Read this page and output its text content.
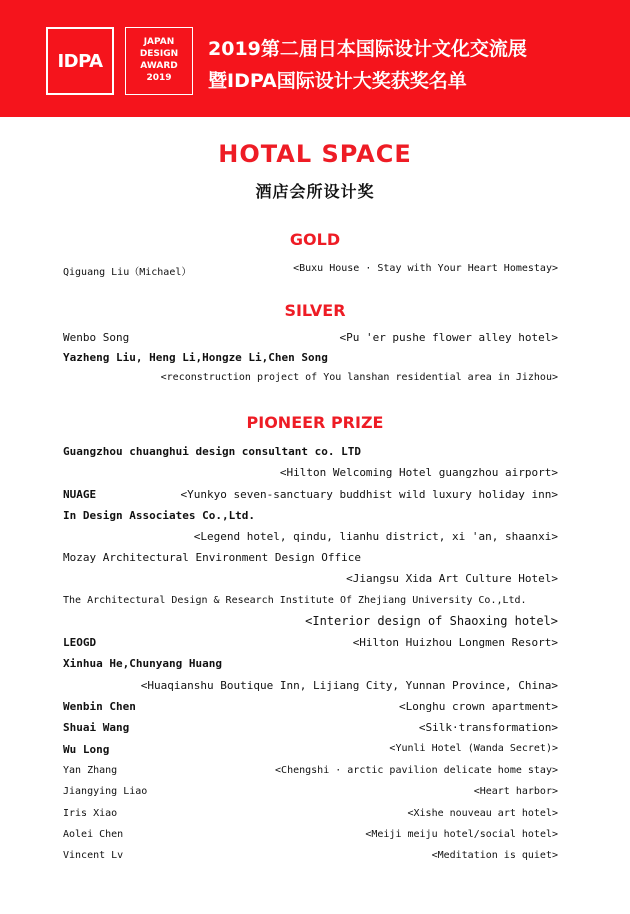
IDPA
JAPAN
DESIGN
AWARD
2019
2019第二届日本国际设计文化交流展
暨IDPA国际设计大奖获奖名单
HOTAL SPACE
酒店会所设计奖
GOLD
Qiguang Liu（Michael）	<Buxu House · Stay with Your Heart Homestay>
SILVER
Wenbo Song	<Pu 'er pushe flower alley hotel>
Yazheng Liu, Heng Li,Hongze Li,Chen Song
<reconstruction project of You lanshan residential area in Jizhou>
PIONEER PRIZE
Guangzhou chuanghui design consultant co. LTD
<Hilton Welcoming Hotel guangzhou airport>
NUAGE	<Yunkyo seven-sanctuary buddhist wild luxury holiday inn>
In Design Associates Co.,Ltd.
<Legend hotel, qindu, lianhu district, xi 'an, shaanxi>
Mozay Architectural Environment Design Office
<Jiangsu Xida Art Culture Hotel>
The Architectural Design & Research Institute Of Zhejiang University Co.,Ltd.
<Interior design of Shaoxing hotel>
LEOGD	<Hilton Huizhou Longmen Resort>
Xinhua He,Chunyang Huang
<Huaqianshu Boutique Inn, Lijiang City, Yunnan Province, China>
Wenbin Chen	<Longhu crown apartment>
Shuai Wang	<Silk·transformation>
Wu Long	<Yunli Hotel (Wanda Secret)>
Yan Zhang	<Chengshi · arctic pavilion delicate home stay>
Jiangying Liao	<Heart harbor>
Iris Xiao	<Xishe nouveau art hotel>
Aolei Chen	<Meiji meiju hotel/social hotel>
Vincent Lv	<Meditation is quiet>
